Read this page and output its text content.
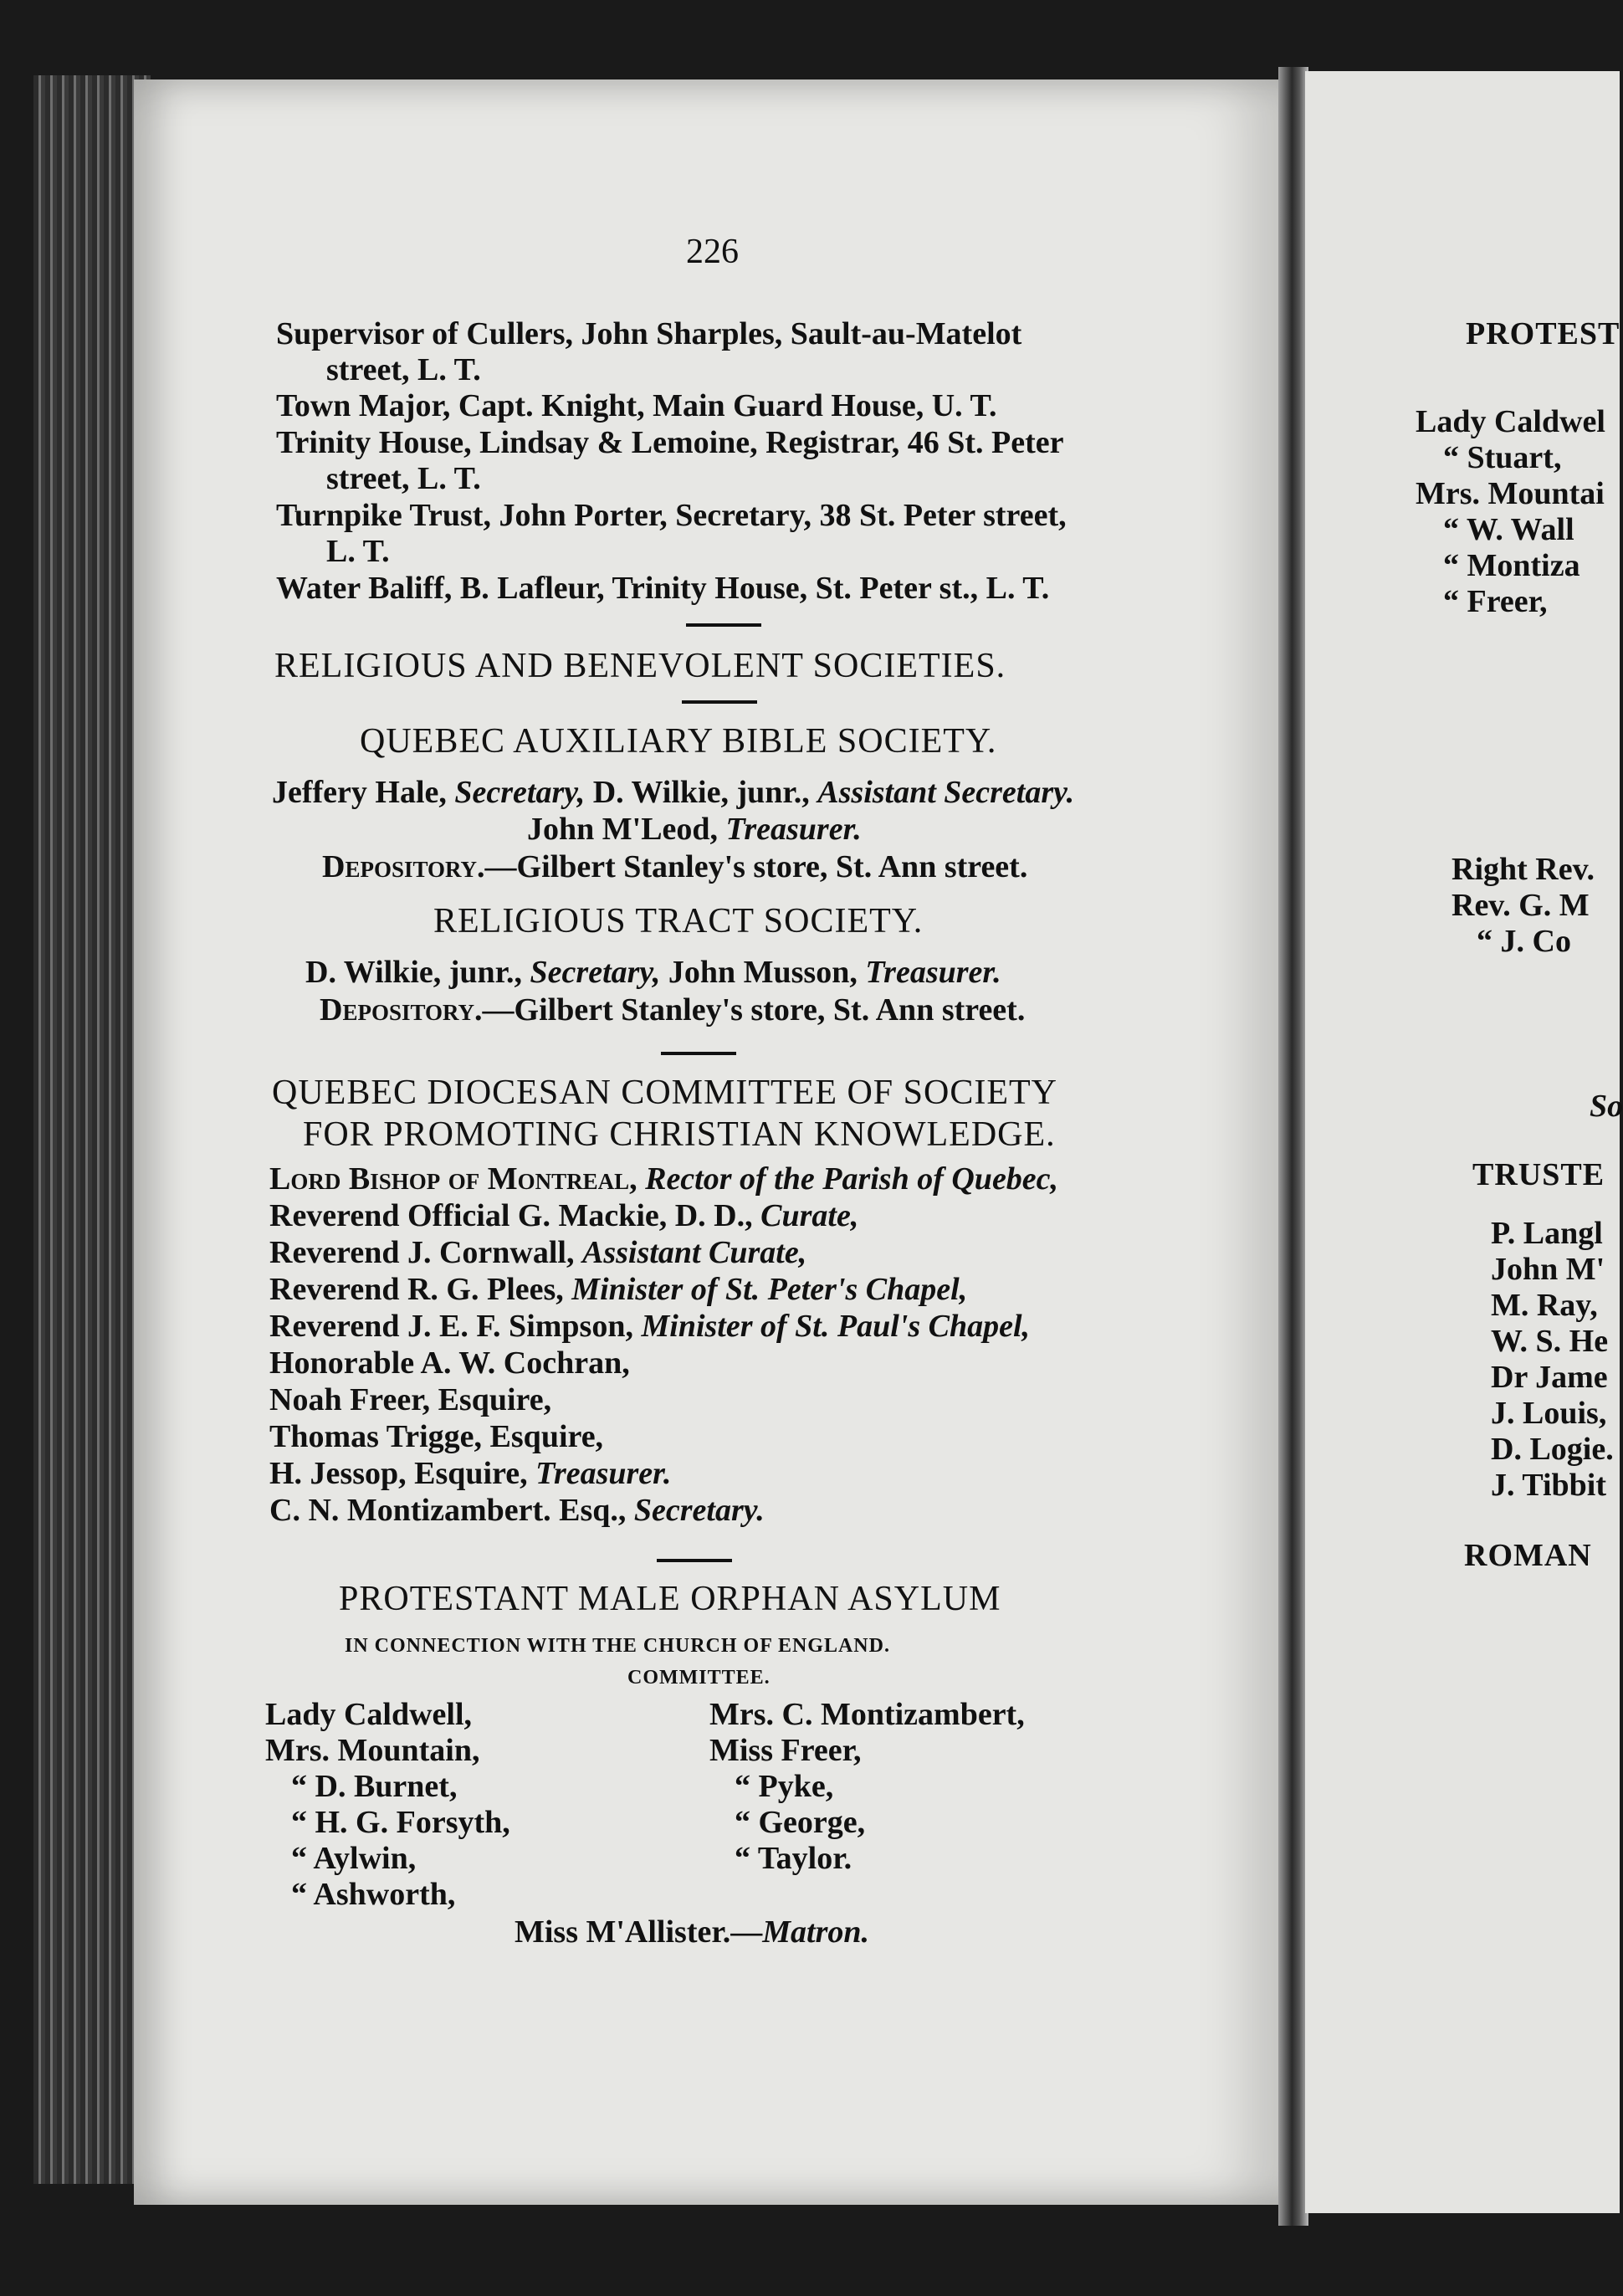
226
Supervisor of Cullers, John Sharples, Sault-au-Matelot
street, L. T.
Town Major, Capt. Knight, Main Guard House, U. T.
Trinity House, Lindsay & Lemoine, Registrar, 46 St. Peter
street, L. T.
Turnpike Trust, John Porter, Secretary, 38 St. Peter street,
L. T.
Water Baliff, B. Lafleur, Trinity House, St. Peter st., L. T.
RELIGIOUS AND BENEVOLENT SOCIETIES.
QUEBEC AUXILIARY BIBLE SOCIETY.
Jeffery Hale, Secretary, D. Wilkie, junr., Assistant Secretary.
John M'Leod, Treasurer.
Depository.—Gilbert Stanley's store, St. Ann street.
RELIGIOUS TRACT SOCIETY.
D. Wilkie, junr., Secretary, John Musson, Treasurer.
Depository.—Gilbert Stanley's store, St. Ann street.
QUEBEC DIOCESAN COMMITTEE OF SOCIETY
FOR PROMOTING CHRISTIAN KNOWLEDGE.
Lord Bishop of Montreal, Rector of the Parish of Quebec,
Reverend Official G. Mackie, D. D., Curate,
Reverend J. Cornwall, Assistant Curate,
Reverend R. G. Plees, Minister of St. Peter's Chapel,
Reverend J. E. F. Simpson, Minister of St. Paul's Chapel,
Honorable A. W. Cochran,
Noah Freer, Esquire,
Thomas Trigge, Esquire,
H. Jessop, Esquire, Treasurer.
C. N. Montizambert. Esq., Secretary.
PROTESTANT MALE ORPHAN ASYLUM
IN CONNECTION WITH THE CHURCH OF ENGLAND.
COMMITTEE.
Lady Caldwell,
Mrs. Mountain,
“ D. Burnet,
“ H. G. Forsyth,
“ Aylwin,
“ Ashworth,
Mrs. C. Montizambert,
Miss Freer,
“ Pyke,
“ George,
“ Taylor.
Miss M'Allister.—Matron.
PROTEST
Lady Caldwel
“ Stuart,
Mrs. Mountai
“ W. Wall
“ Montiza
“ Freer,
Right Rev.
Rev. G. M
“ J. Co
So
TRUSTE
P. Langl
John M'
M. Ray,
W. S. He
Dr Jame
J. Louis,
D. Logie.
J. Tibbit
ROMAN
